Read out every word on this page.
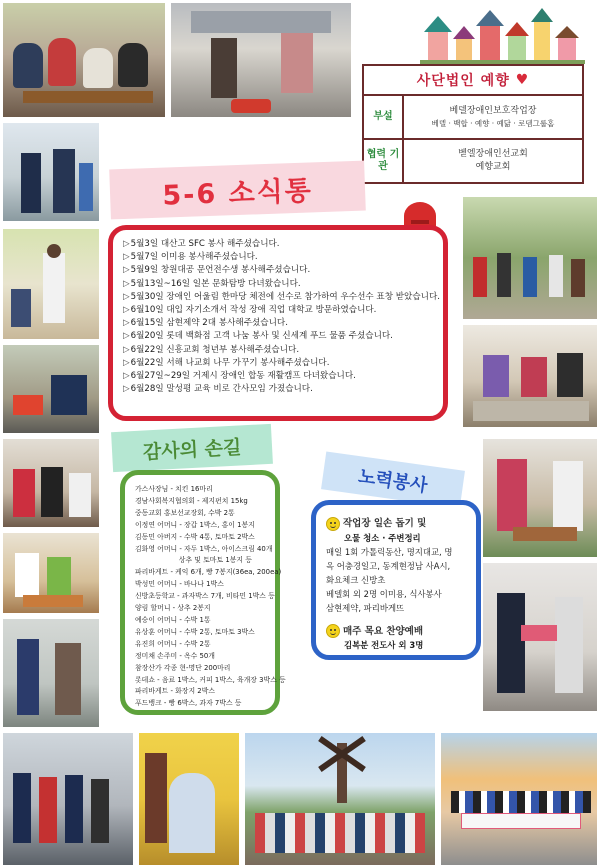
사단법인 예향 ♥
부설
베델장애인보호작업장
베델 · 백합 · 예향 · 예닮 · 로뎀그룹홈
협력 기관
벧엘장애인선교회
예향교회
5-6 소식통
▷5월3일 대산고 SFC 봉사 해주셨습니다.
▷5월7일 이미용 봉사해주셨습니다.
▷5월9일 창원대공 문언전수생 봉사해주셨습니다.
▷5월13일~16일 일본 문화탐방 다녀왔습니다.
▷5월30일 장애인 어울림 한마당 체전에 선수로 참가하여 우수선수 표창 받았습니다.
▷6월10일 대입 자기소개서 작성 장애 직업 대학교 방문하였습니다.
▷6월15일 삼현제약 2대 봉사해주셨습니다.
▷6월20일 롯데 백화점 고객 나눔 봉사 및 신세계 푸드 물품 주셨습니다.
▷6월22일 신흥교회 청년부 봉사해주셨습니다.
▷6월22일 서해 나교회 나무 가꾸기 봉사해주셨습니다.
▷6월27일~29일 거제시 장애인 합동 재활캠프 다녀왔습니다.
▷6월28일 말성평 교육 비로 간사모임 가졌습니다.
감사의 손길
가스사장님 - 치킨 16마리
경남사회복지협의회 - 제지펀치 15kg
중동교회 홍보선교장회, 수박 2통
이정연 어머니 - 장갑 1박스, 홍이 1봉지
김동민 아버지 - 수박 4통, 토마토 2박스
김화영 어머니 - 자두 1박스, 아이스크림 40개
상추 및 토마토 1봉지 등
파리바게트 - 케익 6개, 빵 7봉지(36ea, 200ea)
박성민 어머니 - 바나나 1박스
신방초등학교 - 과자박스 7개, 비타민 1박스 등
양림 할머니 - 상추 2봉지
예승이 어머니 - 수박 1통
유상훈 어머니 - 수박 2통, 토마토 3박스
유진희 어머니 - 수박 2통
정미채 손주미 - 옥수 50개
참장산가 각종 현-명단 200마리
롯데쇼 - 음료 1박스, 커피 1박스, 육개장 3박스 등
파리바게트 - 화장지 2박스
푸드뱅크 - 빵 6박스, 과자 7박스 등
노력봉사
작업장 일손 돕기 및
오물 청소 · 주변정리
매일 1회 가톨릭동산, 명지대교, 명
옥 어충경일고, 동계현정남 사A시,
화요체크 신방초
베델회 외 2명 이미용, 식사봉사
삼현제약, 파리바게뜨
매주 목요 찬양예배
김복분 전도사 외 3명
